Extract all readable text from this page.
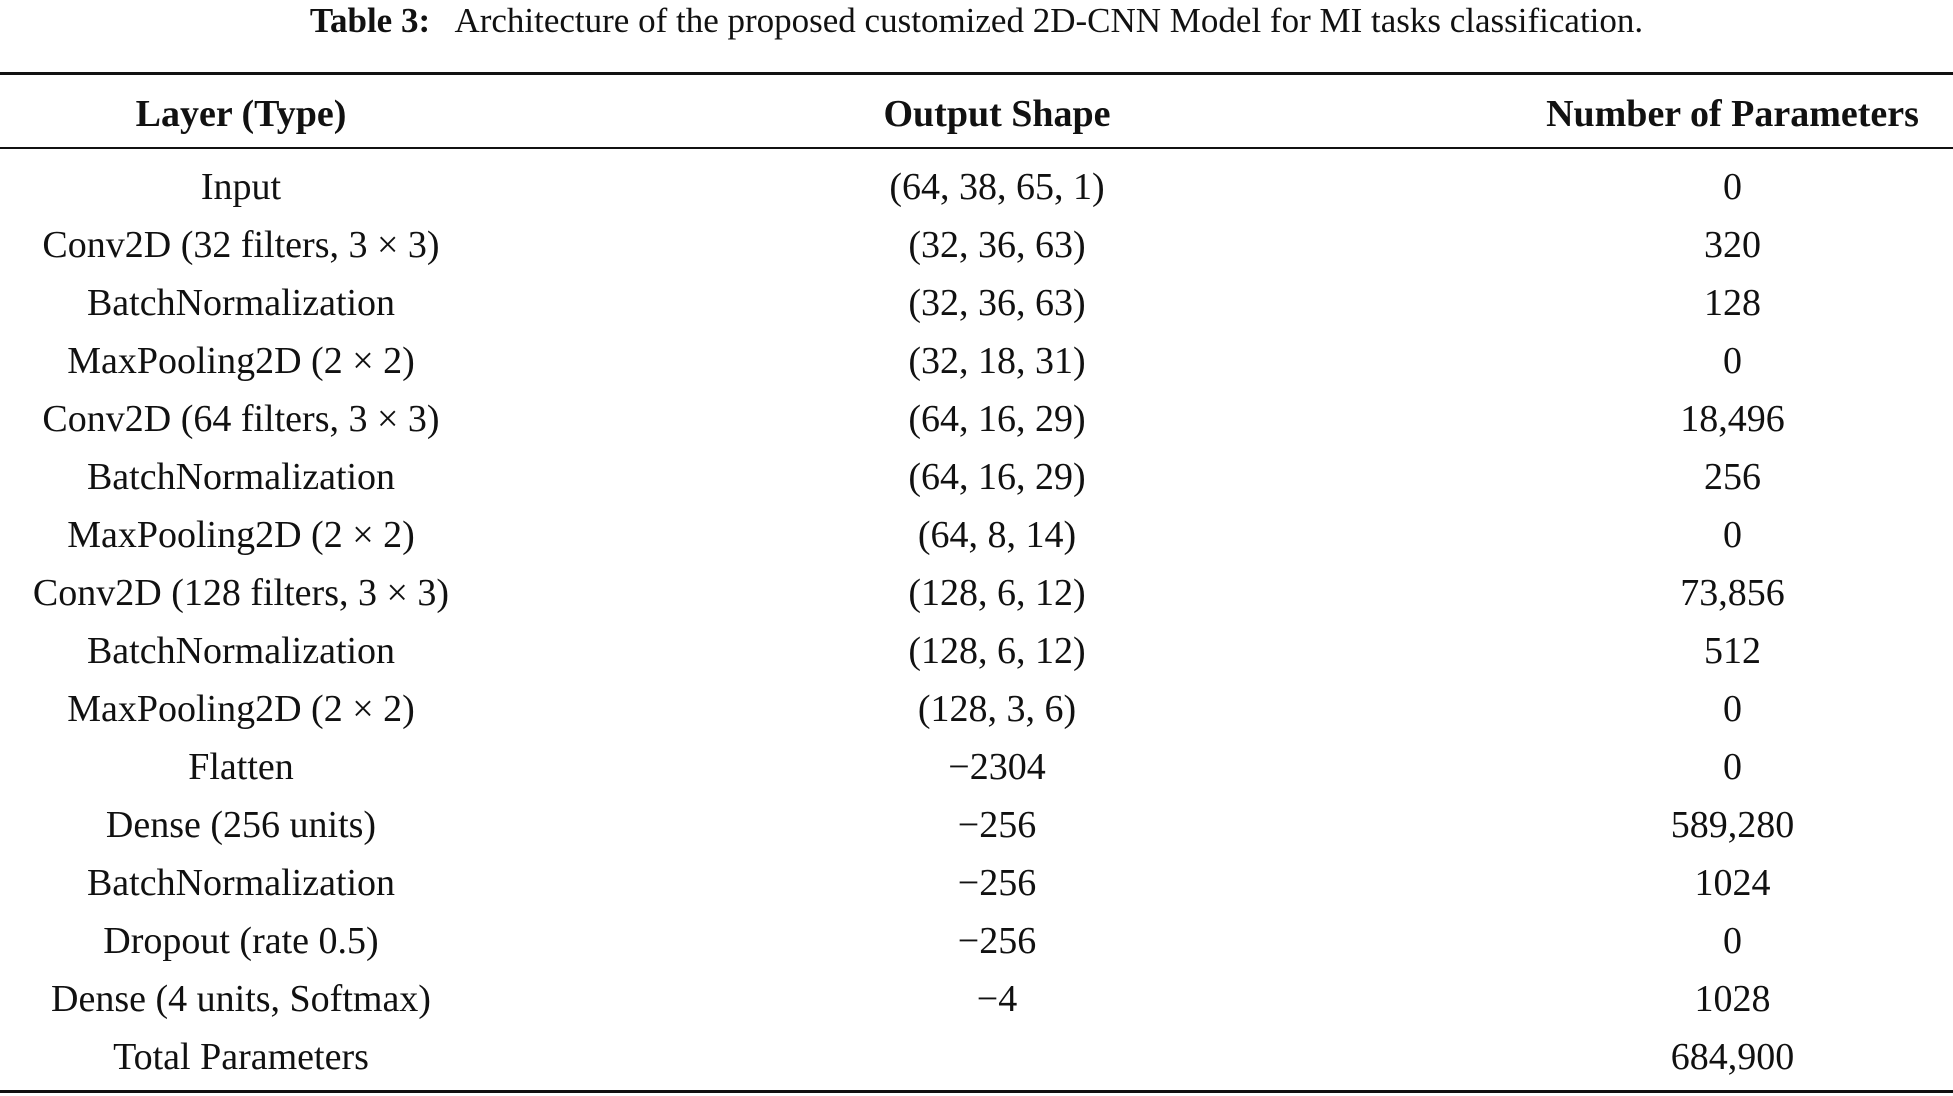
Table 3: Architecture of the proposed customized 2D-CNN Model for MI tasks classification.
Layer (Type)	Output Shape	Number of Parameters

Input	(64, 38, 65, 1)	0
Conv2D (32 filters, 3 × 3)	(32, 36, 63)	320
BatchNormalization	(32, 36, 63)	128
MaxPooling2D (2 × 2)	(32, 18, 31)	0
Conv2D (64 filters, 3 × 3)	(64, 16, 29)	18,496
BatchNormalization	(64, 16, 29)	256
MaxPooling2D (2 × 2)	(64, 8, 14)	0
Conv2D (128 filters, 3 × 3)	(128, 6, 12)	73,856
BatchNormalization	(128, 6, 12)	512
MaxPooling2D (2 × 2)	(128, 3, 6)	0
Flatten	−2304	0
Dense (256 units)	−256	589,280
BatchNormalization	−256	1024
Dropout (rate 0.5)	−256	0
Dense (4 units, Softmax)	−4	1028
Total Parameters		684,900
